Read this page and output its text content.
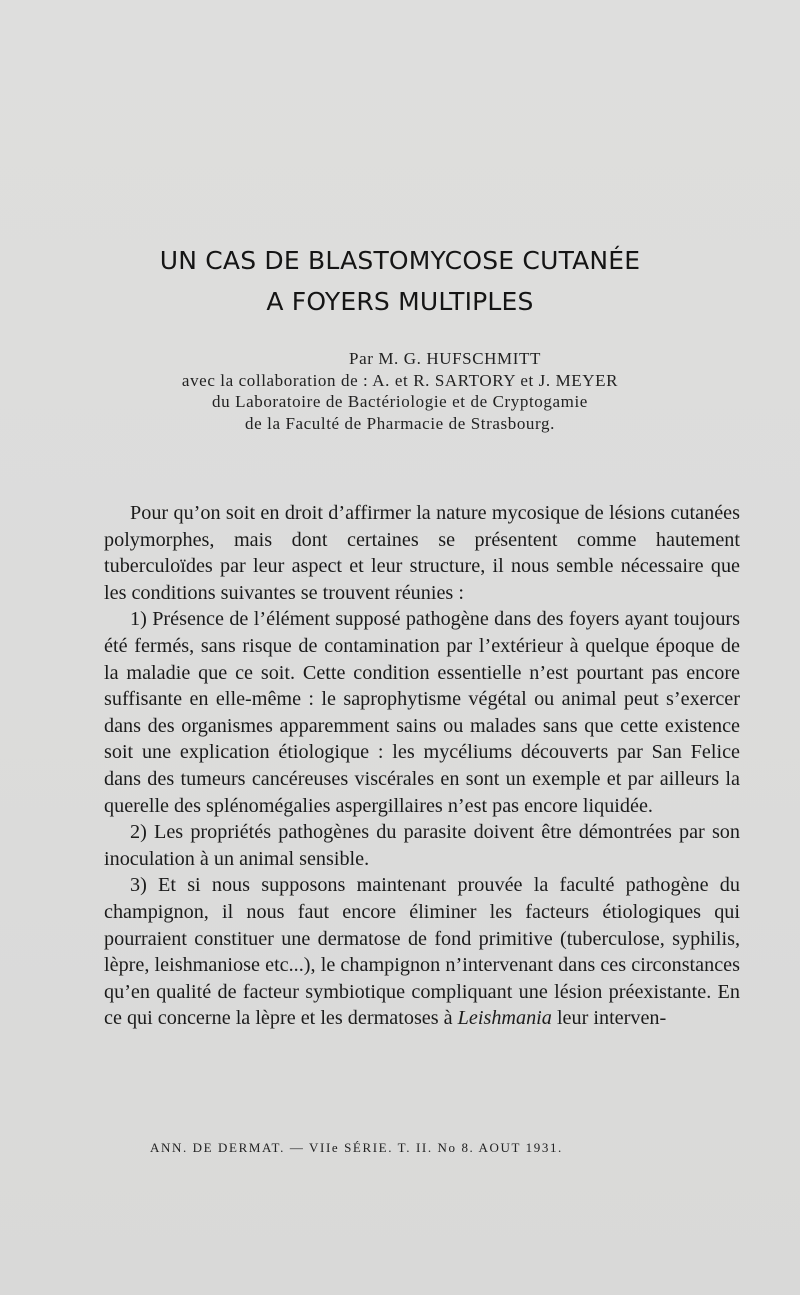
UN CAS DE BLASTOMYCOSE CUTANÉE
A FOYERS MULTIPLES
Par M. G. HUFSCHMITT
avec la collaboration de : A. et R. SARTORY et J. MEYER
du Laboratoire de Bactériologie et de Cryptogamie
de la Faculté de Pharmacie de Strasbourg.

Pour qu’on soit en droit d’affirmer la nature mycosique de lésions cutanées polymorphes, mais dont certaines se présentent comme hautement tuberculoïdes par leur aspect et leur structure, il nous semble nécessaire que les conditions suivantes se trouvent réunies :

1) Présence de l’élément supposé pathogène dans des foyers ayant toujours été fermés, sans risque de contamination par l’extérieur à quelque époque de la maladie que ce soit. Cette condition essentielle n’est pourtant pas encore suffisante en elle-même : le saprophytisme végétal ou animal peut s’exercer dans des organismes apparemment sains ou malades sans que cette existence soit une explication étiologique : les mycéliums découverts par San Felice dans des tumeurs cancéreuses viscérales en sont un exemple et par ailleurs la querelle des splénomégalies aspergillaires n’est pas encore liquidée.

2) Les propriétés pathogènes du parasite doivent être démontrées par son inoculation à un animal sensible.

3) Et si nous supposons maintenant prouvée la faculté pathogène du champignon, il nous faut encore éliminer les facteurs étiologiques qui pourraient constituer une dermatose de fond primitive (tuberculose, syphilis, lèpre, leishmaniose etc...), le champignon n’intervenant dans ces circonstances qu’en qualité de facteur symbiotique compliquant une lésion préexistante. En ce qui concerne la lèpre et les dermatoses à Leishmania leur interven-

ANN. DE DERMAT. — VIIe SÉRIE. T. II. No 8. AOUT 1931.
